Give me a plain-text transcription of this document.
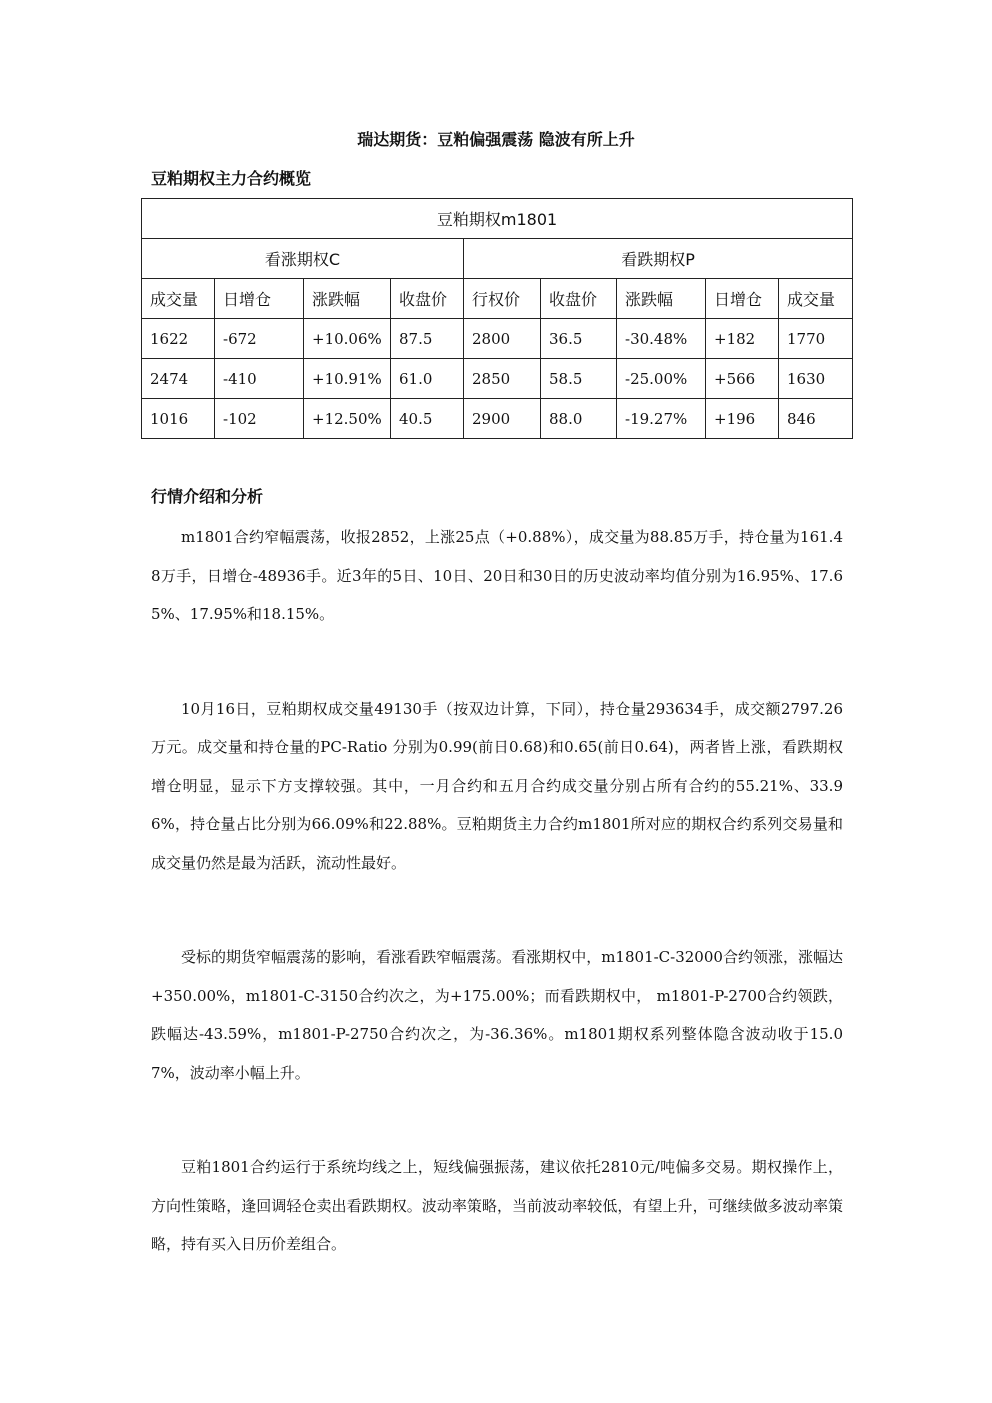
瑞达期货：豆粕偏强震荡 隐波有所上升
豆粕期权主力合约概览
豆粕期权m1801								
看涨期权C				看跌期权P				
成交量	日增仓	涨跌幅	收盘价	行权价	收盘价	涨跌幅	日增仓	成交量
1622	-672	+10.06%	87.5	2800	36.5	-30.48%	+182	1770
2474	-410	+10.91%	61.0	2850	58.5	-25.00%	+566	1630
1016	-102	+12.50%	40.5	2900	88.0	-19.27%	+196	846
行情介绍和分析

m1801合约窄幅震荡，收报2852，上涨25点（+0.88%），成交量为88.85万手，持仓量为161.48万手，日增仓-48936手。近3年的5日、10日、20日和30日的历史波动率均值分别为16.95%、17.65%、17.95%和18.15%。

10月16日，豆粕期权成交量49130手（按双边计算，下同），持仓量293634手，成交额2797.26万元。成交量和持仓量的PC-Ratio 分别为0.99(前日0.68)和0.65(前日0.64)，两者皆上涨，看跌期权增仓明显，显示下方支撑较强。其中，一月合约和五月合约成交量分别占所有合约的55.21%、33.96%，持仓量占比分别为66.09%和22.88%。豆粕期货主力合约m1801所对应的期权合约系列交易量和成交量仍然是最为活跃，流动性最好。

受标的期货窄幅震荡的影响，看涨看跌窄幅震荡。看涨期权中，m1801-C-32000合约领涨，涨幅达+350.00%，m1801-C-3150合约次之，为+175.00%；而看跌期权中， m1801-P-2700合约领跌，跌幅达-43.59%，m1801-P-2750合约次之，为-36.36%。m1801期权系列整体隐含波动收于15.07%，波动率小幅上升。

豆粕1801合约运行于系统均线之上，短线偏强振荡，建议依托2810元/吨偏多交易。期权操作上，方向性策略，逢回调轻仓卖出看跌期权。波动率策略，当前波动率较低，有望上升，可继续做多波动率策略，持有买入日历价差组合。
